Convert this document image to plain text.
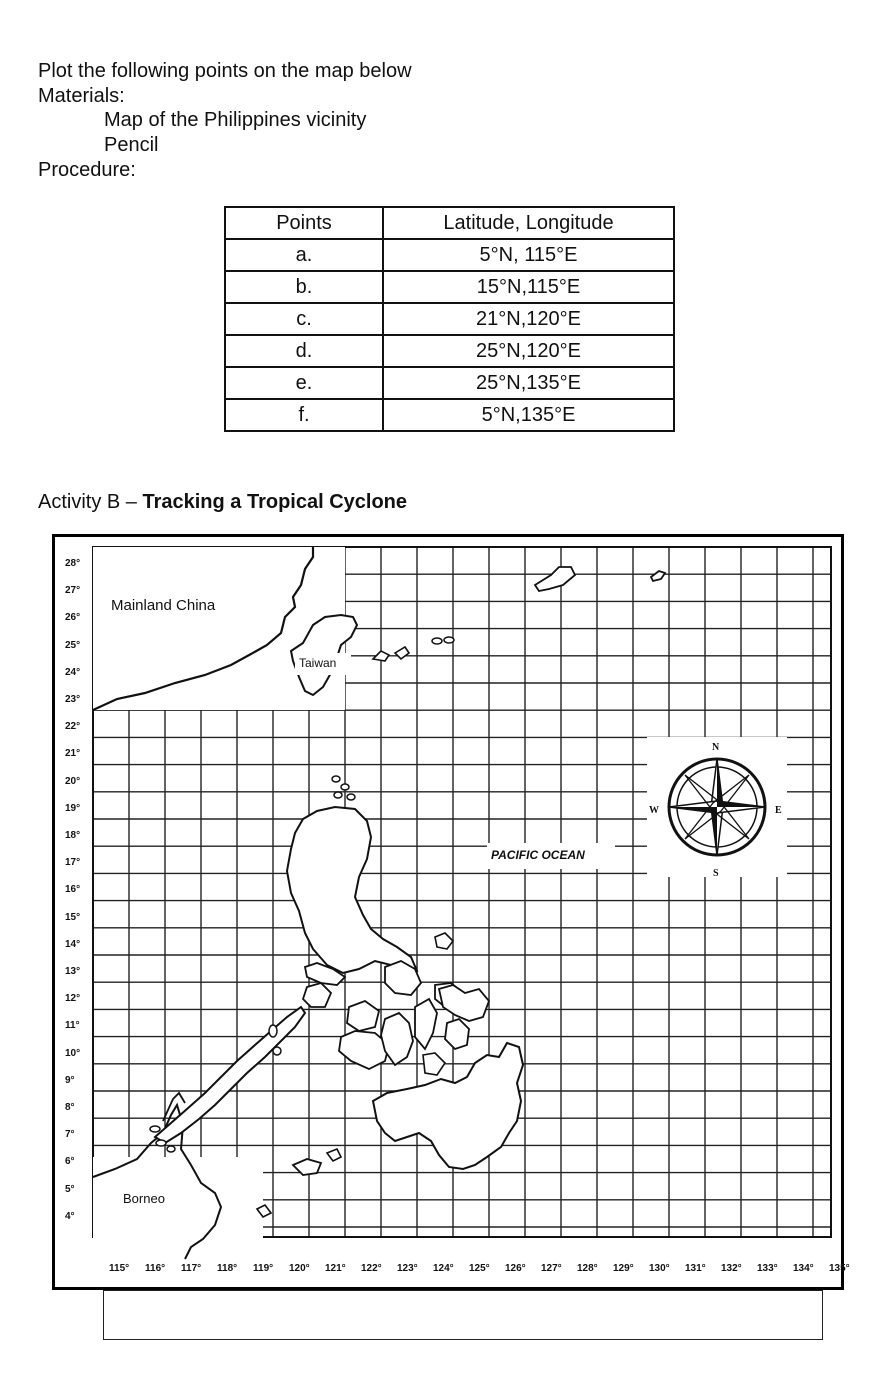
Plot the following points on the map below
Materials:
Map of the Philippines vicinity
Pencil
Procedure:
Points	Latitude, Longitude
a.	5°N, 115°E
b.	15°N,115°E
c.	21°N,120°E
d.	25°N,120°E
e.	25°N,135°E
f.	5°N,135°E
Activity B – Tracking a Tropical Cyclone
28°
27°
26°
25°
24°
23°
22°
21°
20°
19°
18°
17°
16°
15°
14°
13°
12°
11°
10°
9°
8°
7°
6°
5°
4°
115° 116° 117° 118° 119° 120° 121° 122° 123° 124° 125° 126° 127° 128° 129° 130° 131° 132° 133° 134° 135°
Mainland China
Taiwan
PACIFIC OCEAN
Borneo
N
S
W	E
